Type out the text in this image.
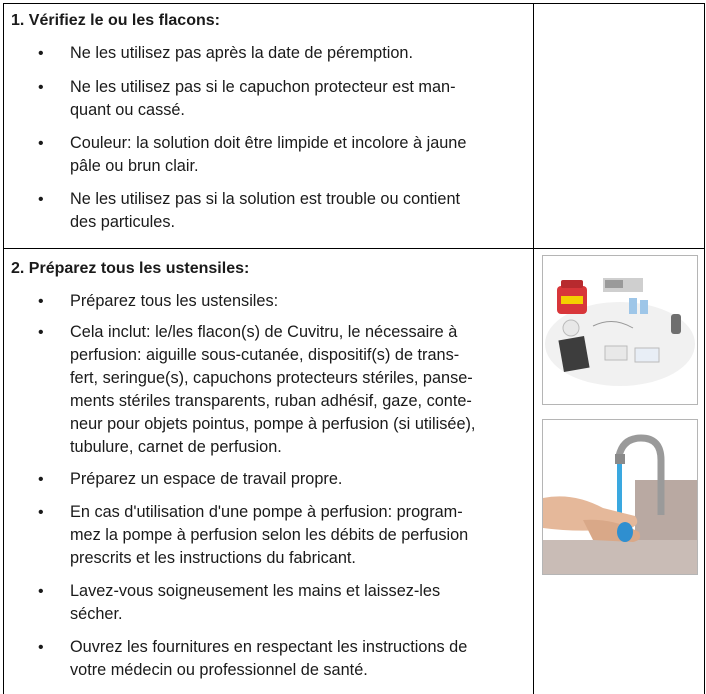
1. Vérifiez le ou les flacons:
• Ne les utilisez pas après la date de péremption.
• Ne les utilisez pas si le capuchon protecteur est man-
quant ou cassé.
• Couleur: la solution doit être limpide et incolore à jaune
pâle ou brun clair.
• Ne les utilisez pas si la solution est trouble ou contient
des particules.
2. Préparez tous les ustensiles:
• Préparez tous les ustensiles:
• Cela inclut: le/les flacon(s) de Cuvitru, le nécessaire à
perfusion: aiguille sous-cutanée, dispositif(s) de trans-
fert, seringue(s), capuchons protecteurs stériles, panse-
ments stériles transparents, ruban adhésif, gaze, conte-
neur pour objets pointus, pompe à perfusion (si utilisée),
tubulure, carnet de perfusion.
• Préparez un espace de travail propre.
• En cas d'utilisation d'une pompe à perfusion: program-
mez la pompe à perfusion selon les débits de perfusion
prescrits et les instructions du fabricant.
• Lavez-vous soigneusement les mains et laissez-les
sécher.
• Ouvrez les fournitures en respectant les instructions de
votre médecin ou professionnel de santé.
